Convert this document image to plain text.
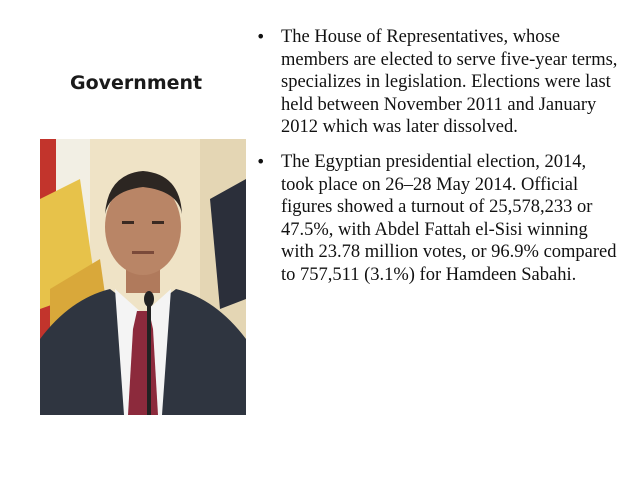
Government
• The House of Representatives, whose members are elected to serve five-year terms, specializes in legislation. Elections were last held between November 2011 and January 2012 which was later dissolved.
• The Egyptian presidential election, 2014, took place on 26–28 May 2014. Official figures showed a turnout of 25,578,233 or 47.5%, with Abdel Fattah el-Sisi winning with 23.78 million votes, or 96.9% compared to 757,511 (3.1%) for Hamdeen Sabahi.
